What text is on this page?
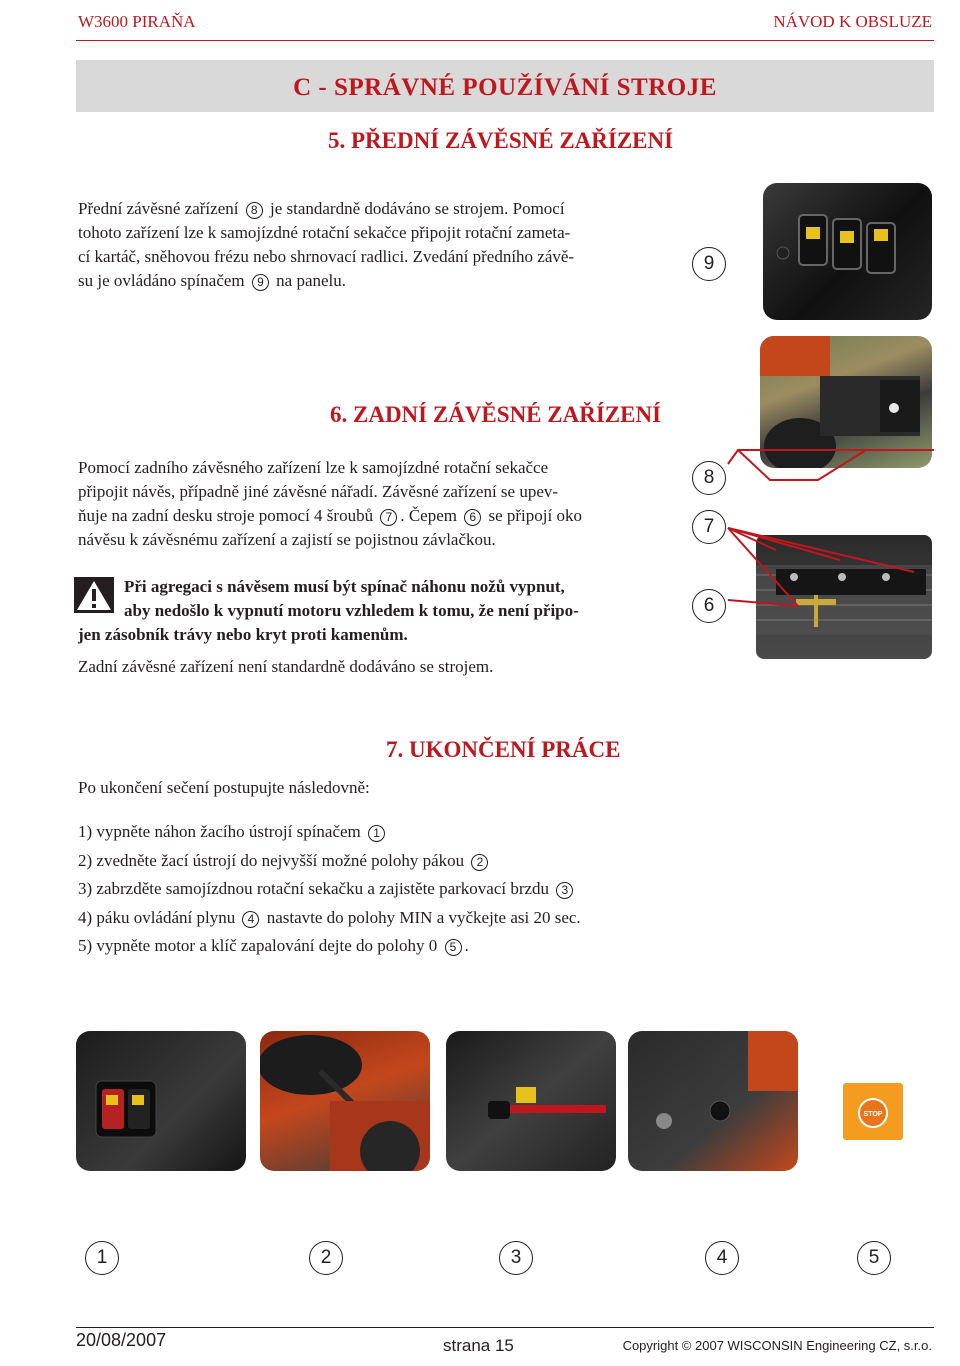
W3600 PIRAŇA	NÁVOD K OBSLUZE
C - SPRÁVNÉ POUŽÍVÁNÍ STROJE
5. PŘEDNÍ ZÁVĚSNÉ ZAŘÍZENÍ
Přední závěsné zařízení 8 je standardně dodáváno se strojem. Pomocí
tohoto zařízení lze k samojízdné rotační sekačce připojit rotační zameta-
cí kartáč, sněhovou frézu nebo shrnovací radlici. Zvedání předního závě-
su je ovládáno spínačem 9 na panelu.
9
6. ZADNÍ ZÁVĚSNÉ ZAŘÍZENÍ
Pomocí zadního závěsného zařízení lze k samojízdné rotační sekačce
připojit návěs, případně jiné závěsné nářadí. Závěsné zařízení se upev-
ňuje na zadní desku stroje pomocí 4 šroubů 7 . Čepem 6 se připojí oko
návěsu k závěsnému zařízení a zajistí se pojistnou závlačkou.
8
7
6
Při agregaci s návěsem musí být spínač náhonu nožů vypnut,
aby nedošlo k vypnutí motoru vzhledem k tomu, že není připo-
jen zásobník trávy nebo kryt proti kamenům.
Zadní závěsné zařízení není standardně dodáváno se strojem.
7. UKONČENÍ PRÁCE
Po ukončení sečení postupujte následovně:
1) vypněte náhon žacího ústrojí spínačem 1
2) zvedněte žací ústrojí do nejvyšší možné polohy pákou 2
3) zabrzděte samojízdnou rotační sekačku a zajistěte parkovací brzdu 3
4) páku ovládání plynu 4 nastavte do polohy MIN a vyčkejte asi 20 sec.
5) vypněte motor a klíč zapalování dejte do polohy 0 5 .
STOP
1	2	3	4	5
20/08/2007	strana 15	Copyright © 2007 WISCONSIN Engineering CZ, s.r.o.
